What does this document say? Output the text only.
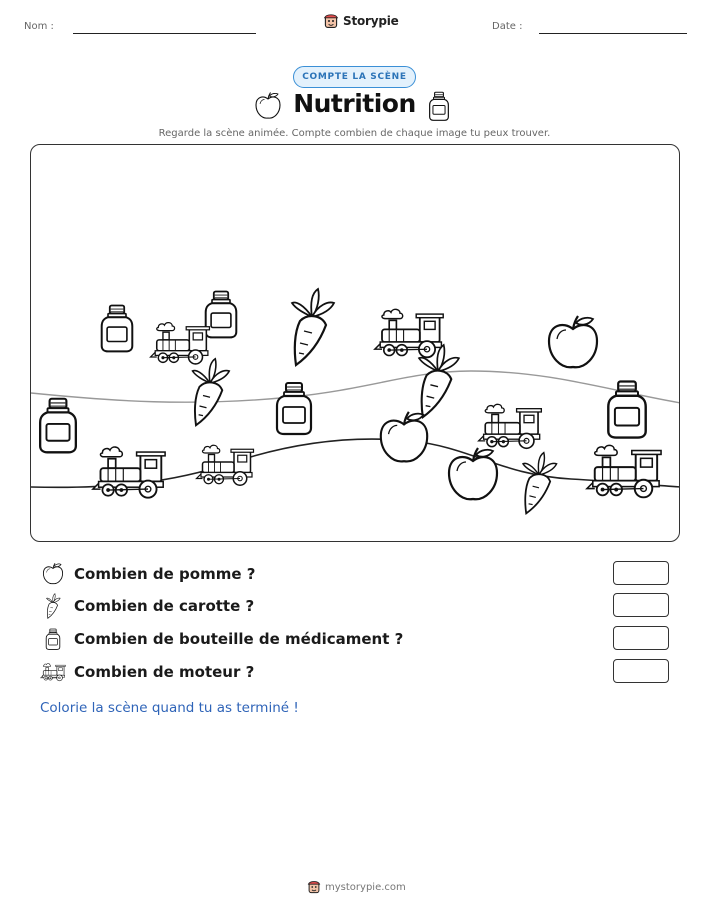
Nom :	Storypie	Date :
COMPTE LA SCÈNE
Nutrition
Regarde la scène animée. Compte combien de chaque image tu peux trouver.
Combien de pomme ?
Combien de carotte ?
Combien de bouteille de médicament ?
Combien de moteur ?
Colorie la scène quand tu as terminé !
mystorypie.com
